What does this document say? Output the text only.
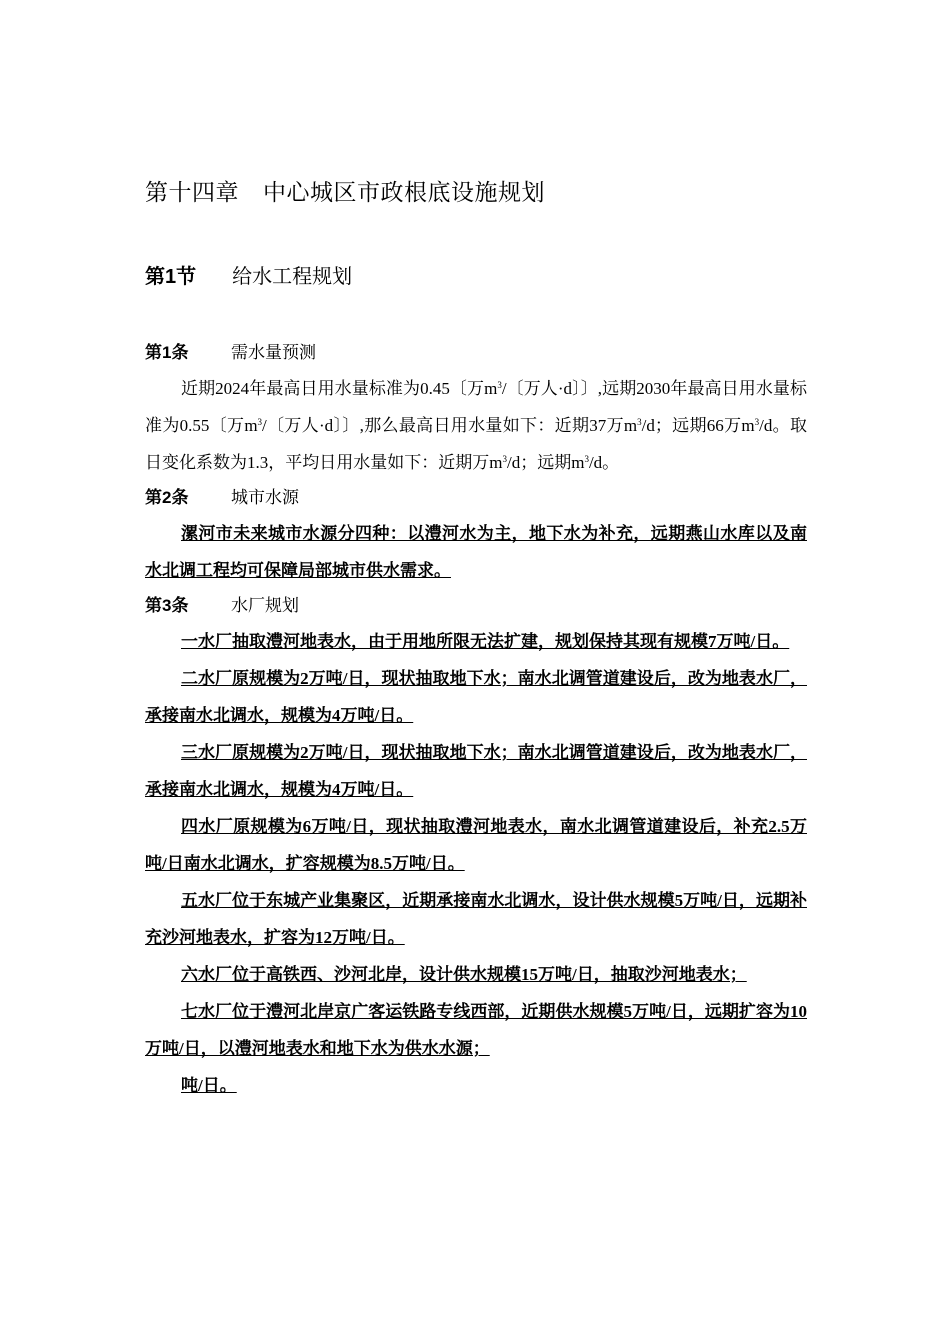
第十四章 中心城区市政根底设施规划
第1节 给水工程规划
第1条	需水量预测

近期2024年最高日用水量标准为0.45〔万$m^3/$〔万人·d〕〕,远期2030年最高日用水量标准为0.55〔万$m^3/$〔万人·d〕〕,那么最高日用水量如下：近期37万$m^3/d$；远期66万$m^3/d$。取日变化系数为1.3，平均日用水量如下：近期万$m^3/d$；远期$m^3/d$。

第2条	城市水源

漯河市未来城市水源分四种：以澧河水为主，地下水为补充，远期燕山水库以及南水北调工程均可保障局部城市供水需求。

第3条	水厂规划

一水厂抽取澧河地表水，由于用地所限无法扩建，规划保持其现有规模7万吨/日。

二水厂原规模为2万吨/日，现状抽取地下水；南水北调管道建设后，改为地表水厂，承接南水北调水，规模为4万吨/日。

三水厂原规模为2万吨/日，现状抽取地下水；南水北调管道建设后，改为地表水厂，承接南水北调水，规模为4万吨/日。

四水厂原规模为6万吨/日，现状抽取澧河地表水，南水北调管道建设后，补充2.5万吨/日南水北调水，扩容规模为8.5万吨/日。

五水厂位于东城产业集聚区，近期承接南水北调水，设计供水规模5万吨/日，远期补充沙河地表水，扩容为12万吨/日。

六水厂位于高铁西、沙河北岸，设计供水规模15万吨/日，抽取沙河地表水；

七水厂位于澧河北岸京广客运铁路专线西部，近期供水规模5万吨/日，远期扩容为10万吨/日，以澧河地表水和地下水为供水水源；

吨/日。
